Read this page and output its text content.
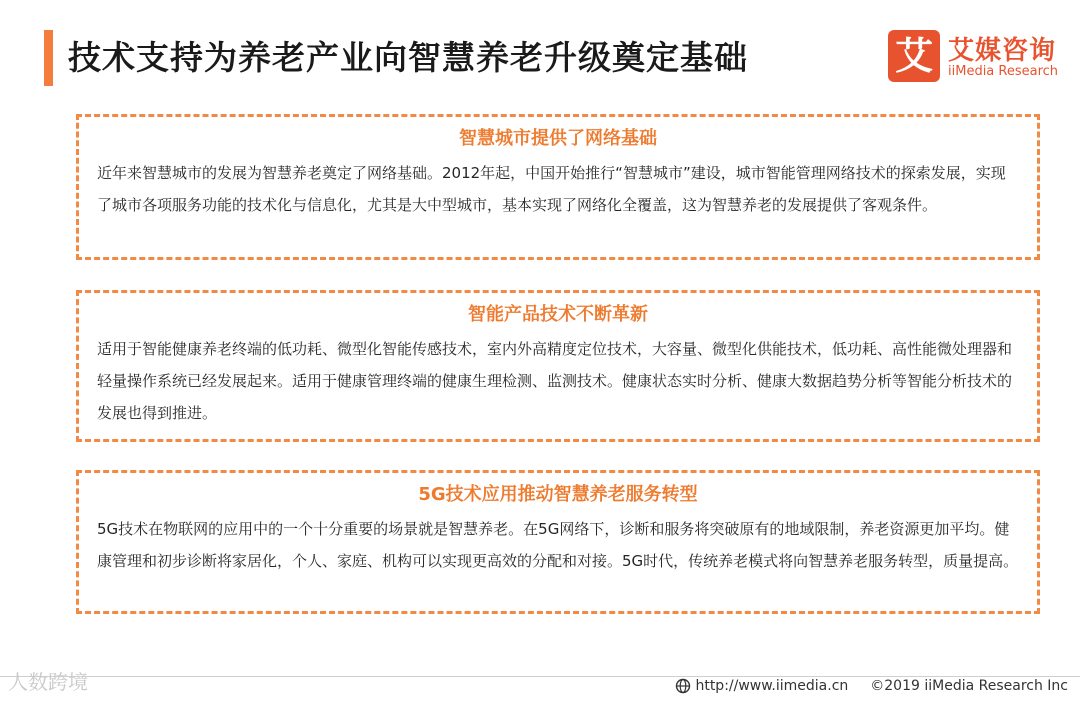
技术支持为养老产业向智慧养老升级奠定基础	艾 艾媒咨询
iiMedia Research
智慧城市提供了网络基础

近年来智慧城市的发展为智慧养老奠定了网络基础。2012年起，中国开始推行“智慧城市”建设，城市智能管理网络技术的探索发展，实现了城市各项服务功能的技术化与信息化，尤其是大中型城市，基本实现了网络化全覆盖，这为智慧养老的发展提供了客观条件。

智能产品技术不断革新

适用于智能健康养老终端的低功耗、微型化智能传感技术，室内外高精度定位技术，大容量、微型化供能技术，低功耗、高性能微处理器和轻量操作系统已经发展起来。适用于健康管理终端的健康生理检测、监测技术。健康状态实时分析、健康大数据趋势分析等智能分析技术的发展也得到推进。

5G技术应用推动智慧养老服务转型

5G技术在物联网的应用中的一个十分重要的场景就是智慧养老。在5G网络下，诊断和服务将突破原有的地域限制，养老资源更加平均。健康管理和初步诊断将家居化，个人、家庭、机构可以实现更高效的分配和对接。5G时代，传统养老模式将向智慧养老服务转型，质量提高。

人数跨境	http://www.iimedia.cn ©2019 iiMedia Research Inc
